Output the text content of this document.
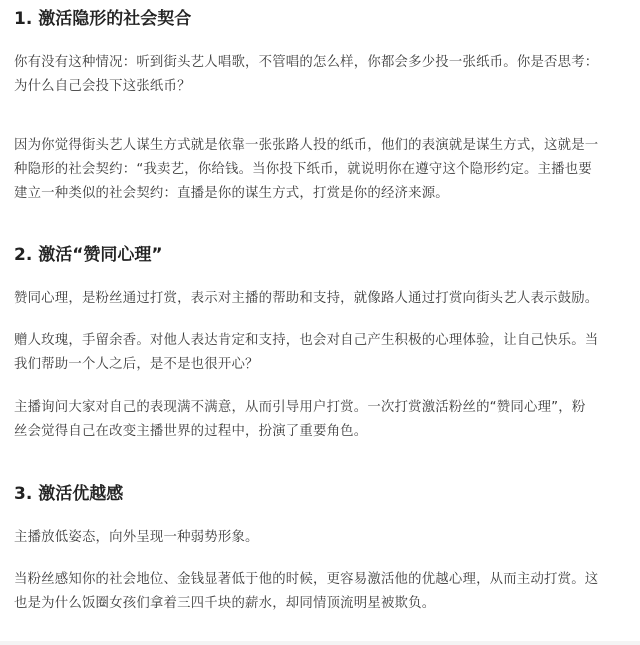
1. 激活隐形的社会契合

你有没有这种情况：听到街头艺人唱歌，不管唱的怎么样，你都会多少投一张纸币。你是否思考：
为什么自己会投下这张纸币？

因为你觉得街头艺人谋生方式就是依靠一张张路人投的纸币，他们的表演就是谋生方式，这就是一
种隐形的社会契约：“我卖艺，你给钱。当你投下纸币，就说明你在遵守这个隐形约定。主播也要
建立一种类似的社会契约：直播是你的谋生方式，打赏是你的经济来源。

2. 激活“赞同心理”

赞同心理，是粉丝通过打赏，表示对主播的帮助和支持，就像路人通过打赏向街头艺人表示鼓励。

赠人玫瑰，手留余香。对他人表达肯定和支持，也会对自己产生积极的心理体验，让自己快乐。当
我们帮助一个人之后，是不是也很开心？

主播询问大家对自己的表现满不满意，从而引导用户打赏。一次打赏激活粉丝的“赞同心理”，粉
丝会觉得自己在改变主播世界的过程中，扮演了重要角色。

3. 激活优越感

主播放低姿态，向外呈现一种弱势形象。

当粉丝感知你的社会地位、金钱显著低于他的时候，更容易激活他的优越心理，从而主动打赏。这
也是为什么饭圈女孩们拿着三四千块的薪水，却同情顶流明星被欺负。
